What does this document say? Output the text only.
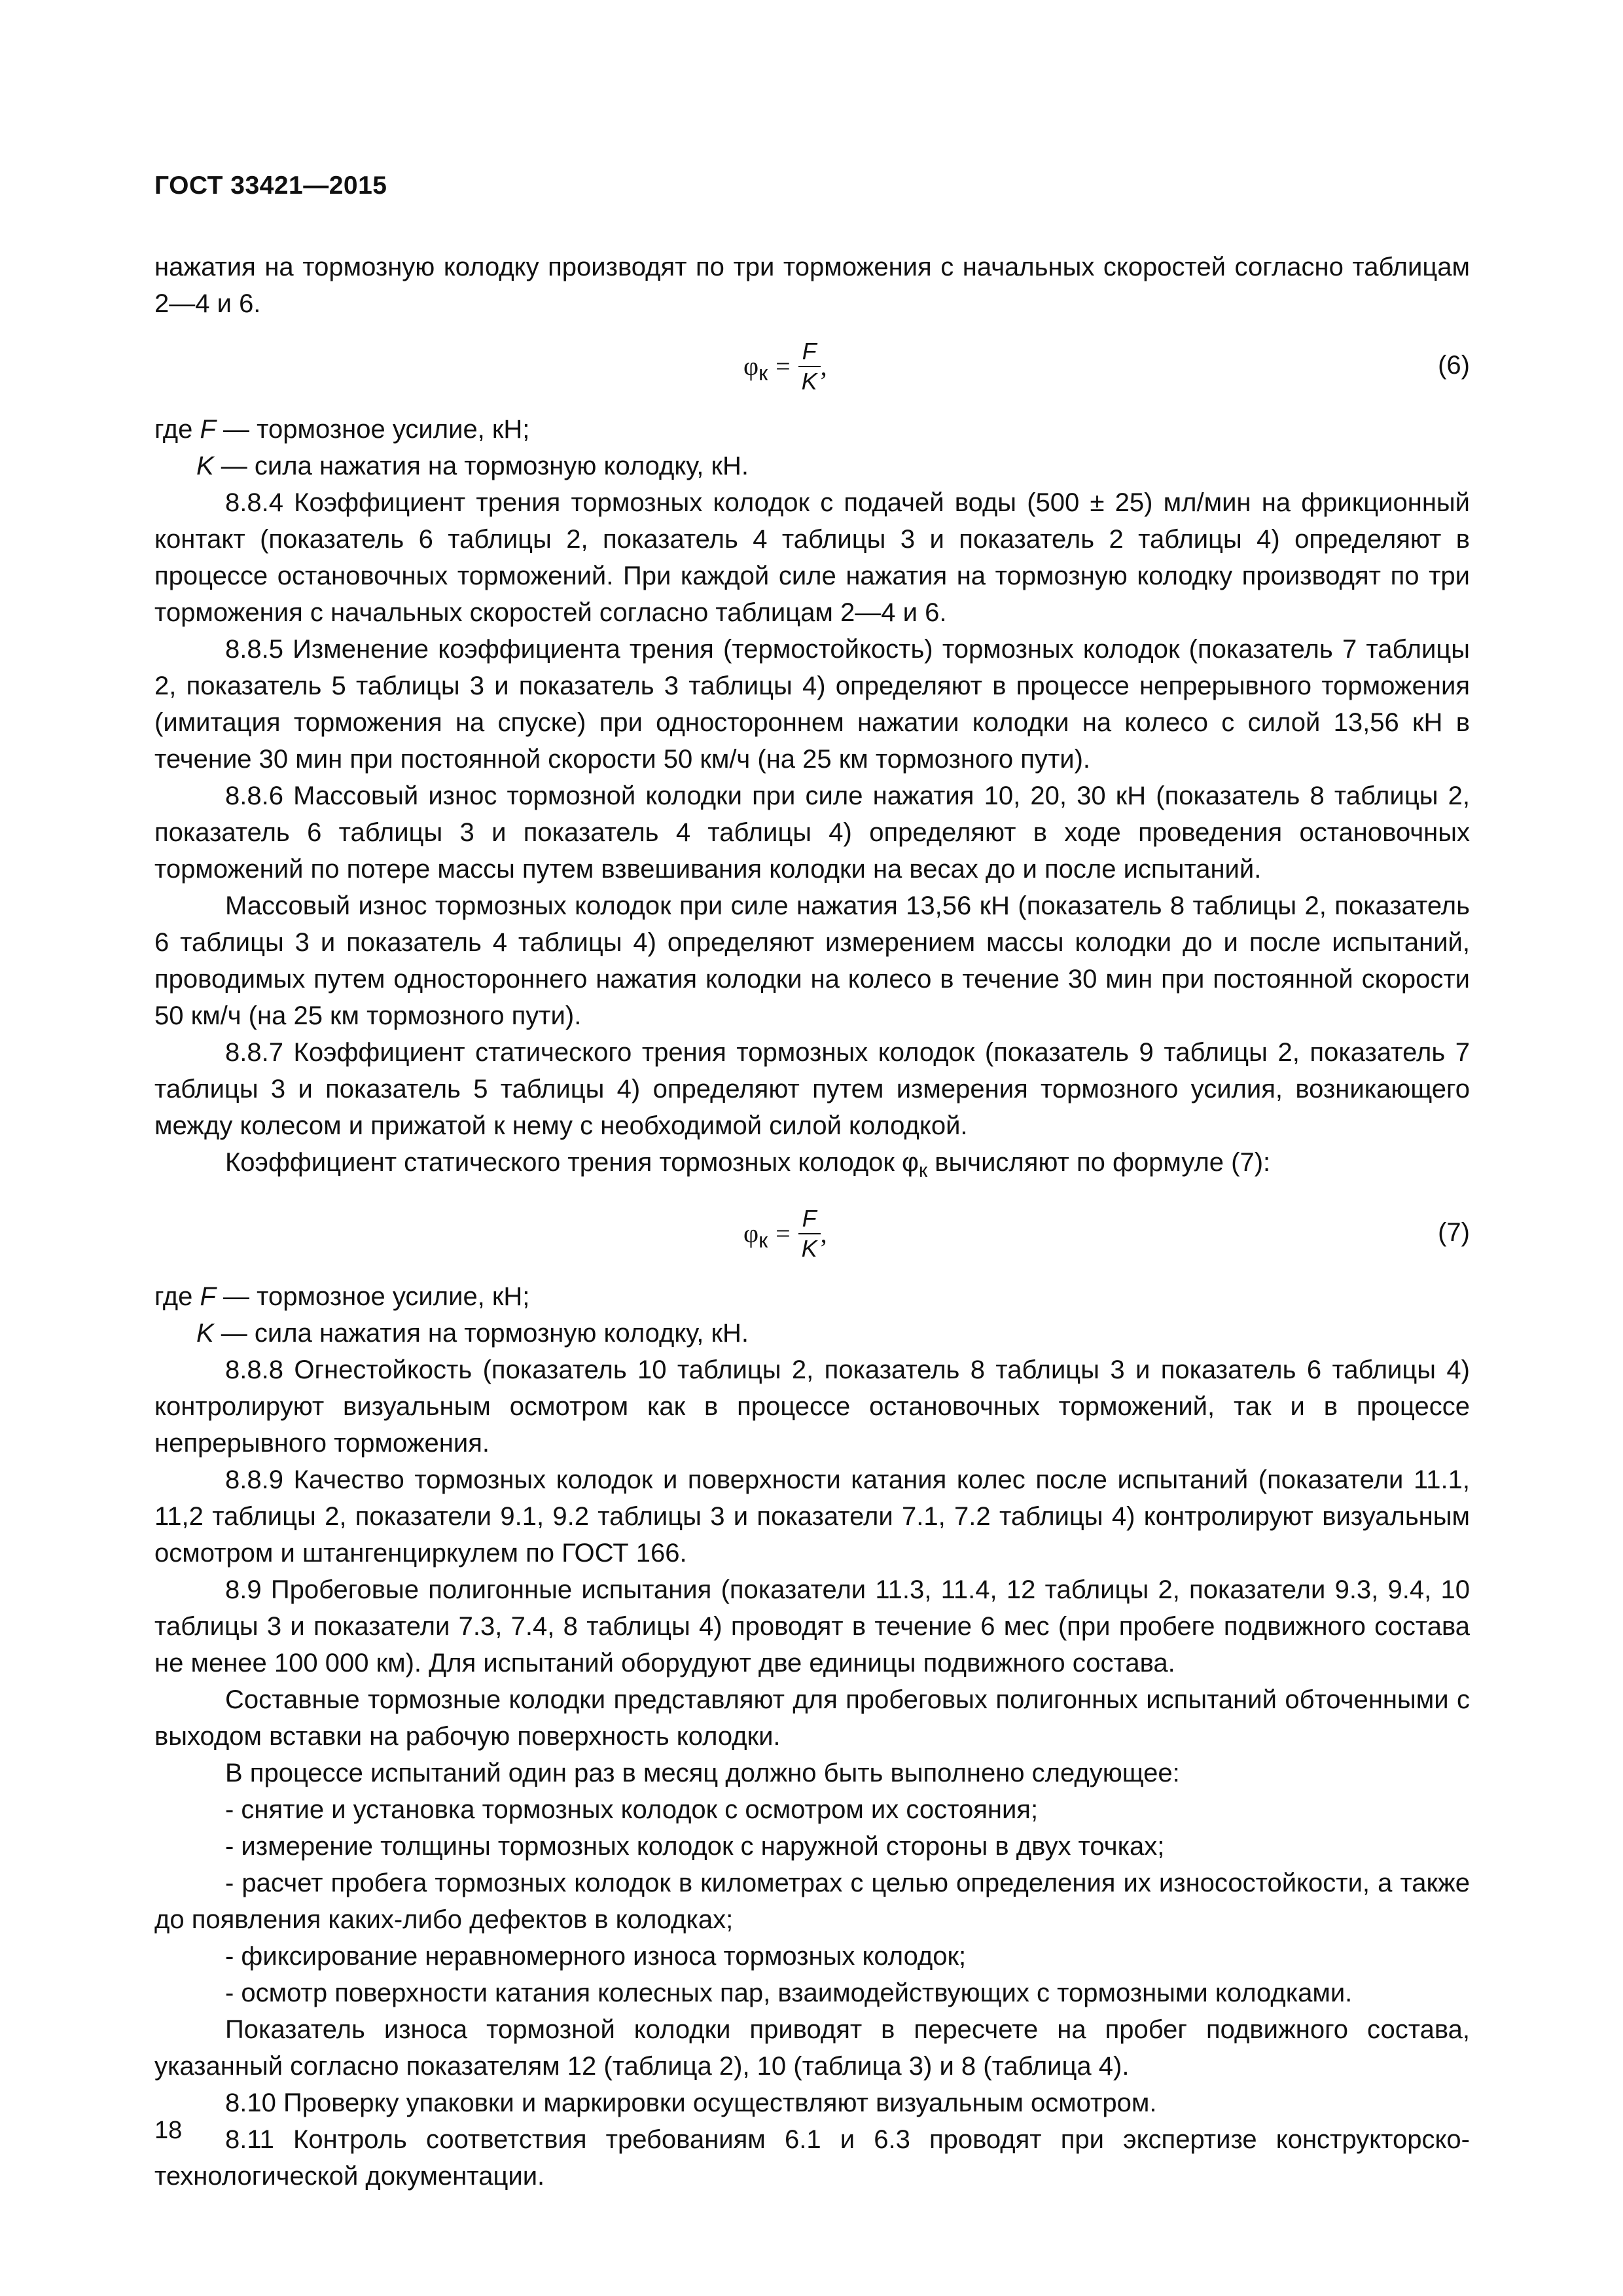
ГОСТ 33421—2015

нажатия на тормозную колодку производят по три торможения с начальных скоростей согласно таблицам 2—4 и 6.

φ $к = \frac{F}{K}$ ,	(6)

где F — тормозное усилие, кН;

K — сила нажатия на тормозную колодку, кН.

8.8.4 Коэффициент трения тормозных колодок с подачей воды (500 ± 25) мл/мин на фрикционный контакт (показатель 6 таблицы 2, показатель 4 таблицы 3 и показатель 2 таблицы 4) определяют в процессе остановочных торможений. При каждой силе нажатия на тормозную колодку производят по три торможения с начальных скоростей согласно таблицам 2—4 и 6.

8.8.5 Изменение коэффициента трения (термостойкость) тормозных колодок (показатель 7 таблицы 2, показатель 5 таблицы 3 и показатель 3 таблицы 4) определяют в процессе непрерывного торможения (имитация торможения на спуске) при одностороннем нажатии колодки на колесо с силой 13,56 кН в течение 30 мин при постоянной скорости 50 км/ч (на 25 км тормозного пути).

8.8.6 Массовый износ тормозной колодки при силе нажатия 10, 20, 30 кН (показатель 8 таблицы 2, показатель 6 таблицы 3 и показатель 4 таблицы 4) определяют в ходе проведения остановочных торможений по потере массы путем взвешивания колодки на весах до и после испытаний.

Массовый износ тормозных колодок при силе нажатия 13,56 кН (показатель 8 таблицы 2, показатель 6 таблицы 3 и показатель 4 таблицы 4) определяют измерением массы колодки до и после испытаний, проводимых путем одностороннего нажатия колодки на колесо в течение 30 мин при постоянной скорости 50 км/ч (на 25 км тормозного пути).

8.8.7 Коэффициент статического трения тормозных колодок (показатель 9 таблицы 2, показатель 7 таблицы 3 и показатель 5 таблицы 4) определяют путем измерения тормозного усилия, возникающего между колесом и прижатой к нему с необходимой силой колодкой.

Коэффициент статического трения тормозных колодок $\varphi_к$ вычисляют по формуле (7):

φ $к = \frac{F}{K}$ ,	(7)

где F — тормозное усилие, кН;

K — сила нажатия на тормозную колодку, кН.

8.8.8 Огнестойкость (показатель 10 таблицы 2, показатель 8 таблицы 3 и показатель 6 таблицы 4) контролируют визуальным осмотром как в процессе остановочных торможений, так и в процессе непрерывного торможения.

8.8.9 Качество тормозных колодок и поверхности катания колес после испытаний (показатели 11.1, 11,2 таблицы 2, показатели 9.1, 9.2 таблицы 3 и показатели 7.1, 7.2 таблицы 4) контролируют визуальным осмотром и штангенциркулем по ГОСТ 166.

8.9 Пробеговые полигонные испытания (показатели 11.3, 11.4, 12 таблицы 2, показатели 9.3, 9.4, 10 таблицы 3 и показатели 7.3, 7.4, 8 таблицы 4) проводят в течение 6 мес (при пробеге подвижного состава не менее 100 000 км). Для испытаний оборудуют две единицы подвижного состава.

Составные тормозные колодки представляют для пробеговых полигонных испытаний обточенными с выходом вставки на рабочую поверхность колодки.

В процессе испытаний один раз в месяц должно быть выполнено следующее:

- снятие и установка тормозных колодок с осмотром их состояния;

- измерение толщины тормозных колодок с наружной стороны в двух точках;

- расчет пробега тормозных колодок в километрах с целью определения их износостойкости, а также до появления каких-либо дефектов в колодках;

- фиксирование неравномерного износа тормозных колодок;

- осмотр поверхности катания колесных пар, взаимодействующих с тормозными колодками.

Показатель износа тормозной колодки приводят в пересчете на пробег подвижного состава, указанный согласно показателям 12 (таблица 2), 10 (таблица 3) и 8 (таблица 4).

8.10 Проверку упаковки и маркировки осуществляют визуальным осмотром.

8.11 Контроль соответствия требованиям 6.1 и 6.3 проводят при экспертизе конструкторско-технологической документации.

18
